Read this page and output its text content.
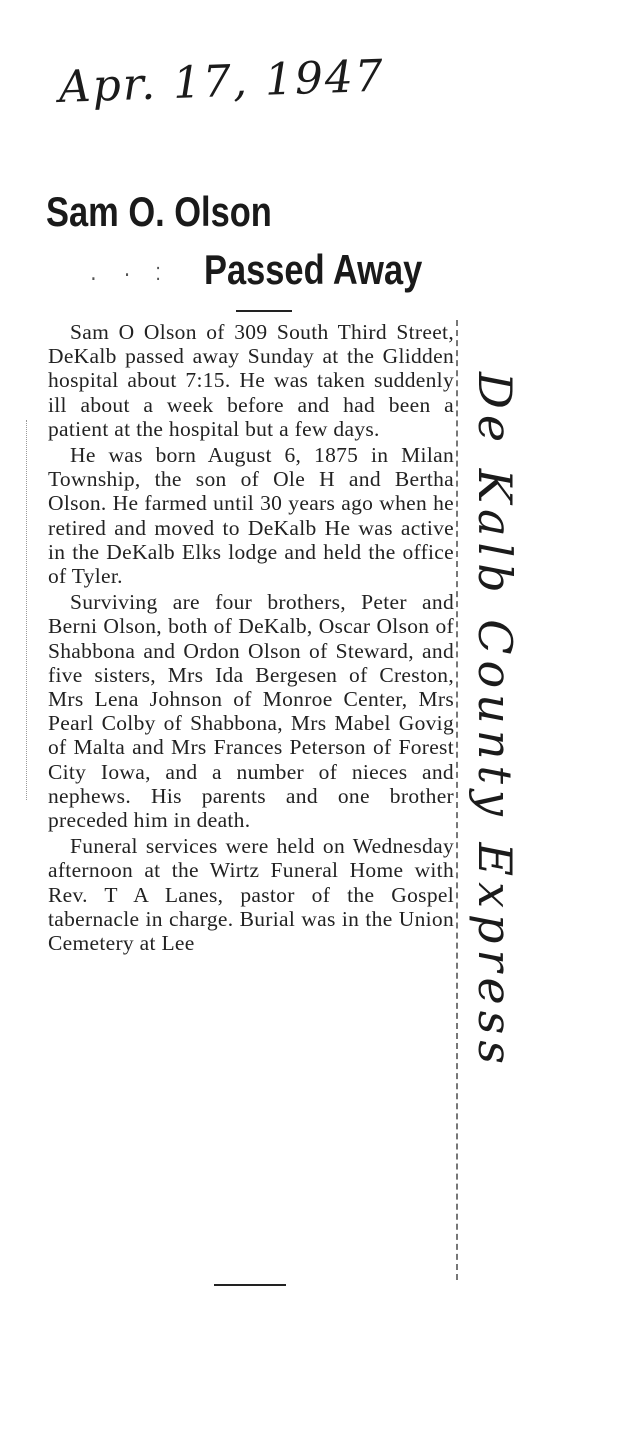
Apr. 17, 1947
De Kalb County Express
Sam O. Olson
. · ⁚ Passed Away

Sam O Olson of 309 South Third Street, DeKalb passed away Sunday at the Glidden hospital about 7:15. He was taken suddenly ill about a week before and had been a patient at the hospital but a few days.

He was born August 6, 1875 in Milan Township, the son of Ole H and Bertha Olson. He farmed until 30 years ago when he retired and moved to DeKalb He was active in the DeKalb Elks lodge and held the office of Tyler.

Surviving are four brothers, Peter and Berni Olson, both of DeKalb, Oscar Olson of Shabbona and Ordon Olson of Steward, and five sisters, Mrs Ida Bergesen of Creston, Mrs Lena Johnson of Monroe Center, Mrs Pearl Colby of Shabbona, Mrs Mabel Govig of Malta and Mrs Frances Peterson of Forest City Iowa, and a number of nieces and nephews. His parents and one brother preceded him in death.

Funeral services were held on Wednesday afternoon at the Wirtz Funeral Home with Rev. T A Lanes, pastor of the Gospel tabernacle in charge. Burial was in the Union Cemetery at Lee
